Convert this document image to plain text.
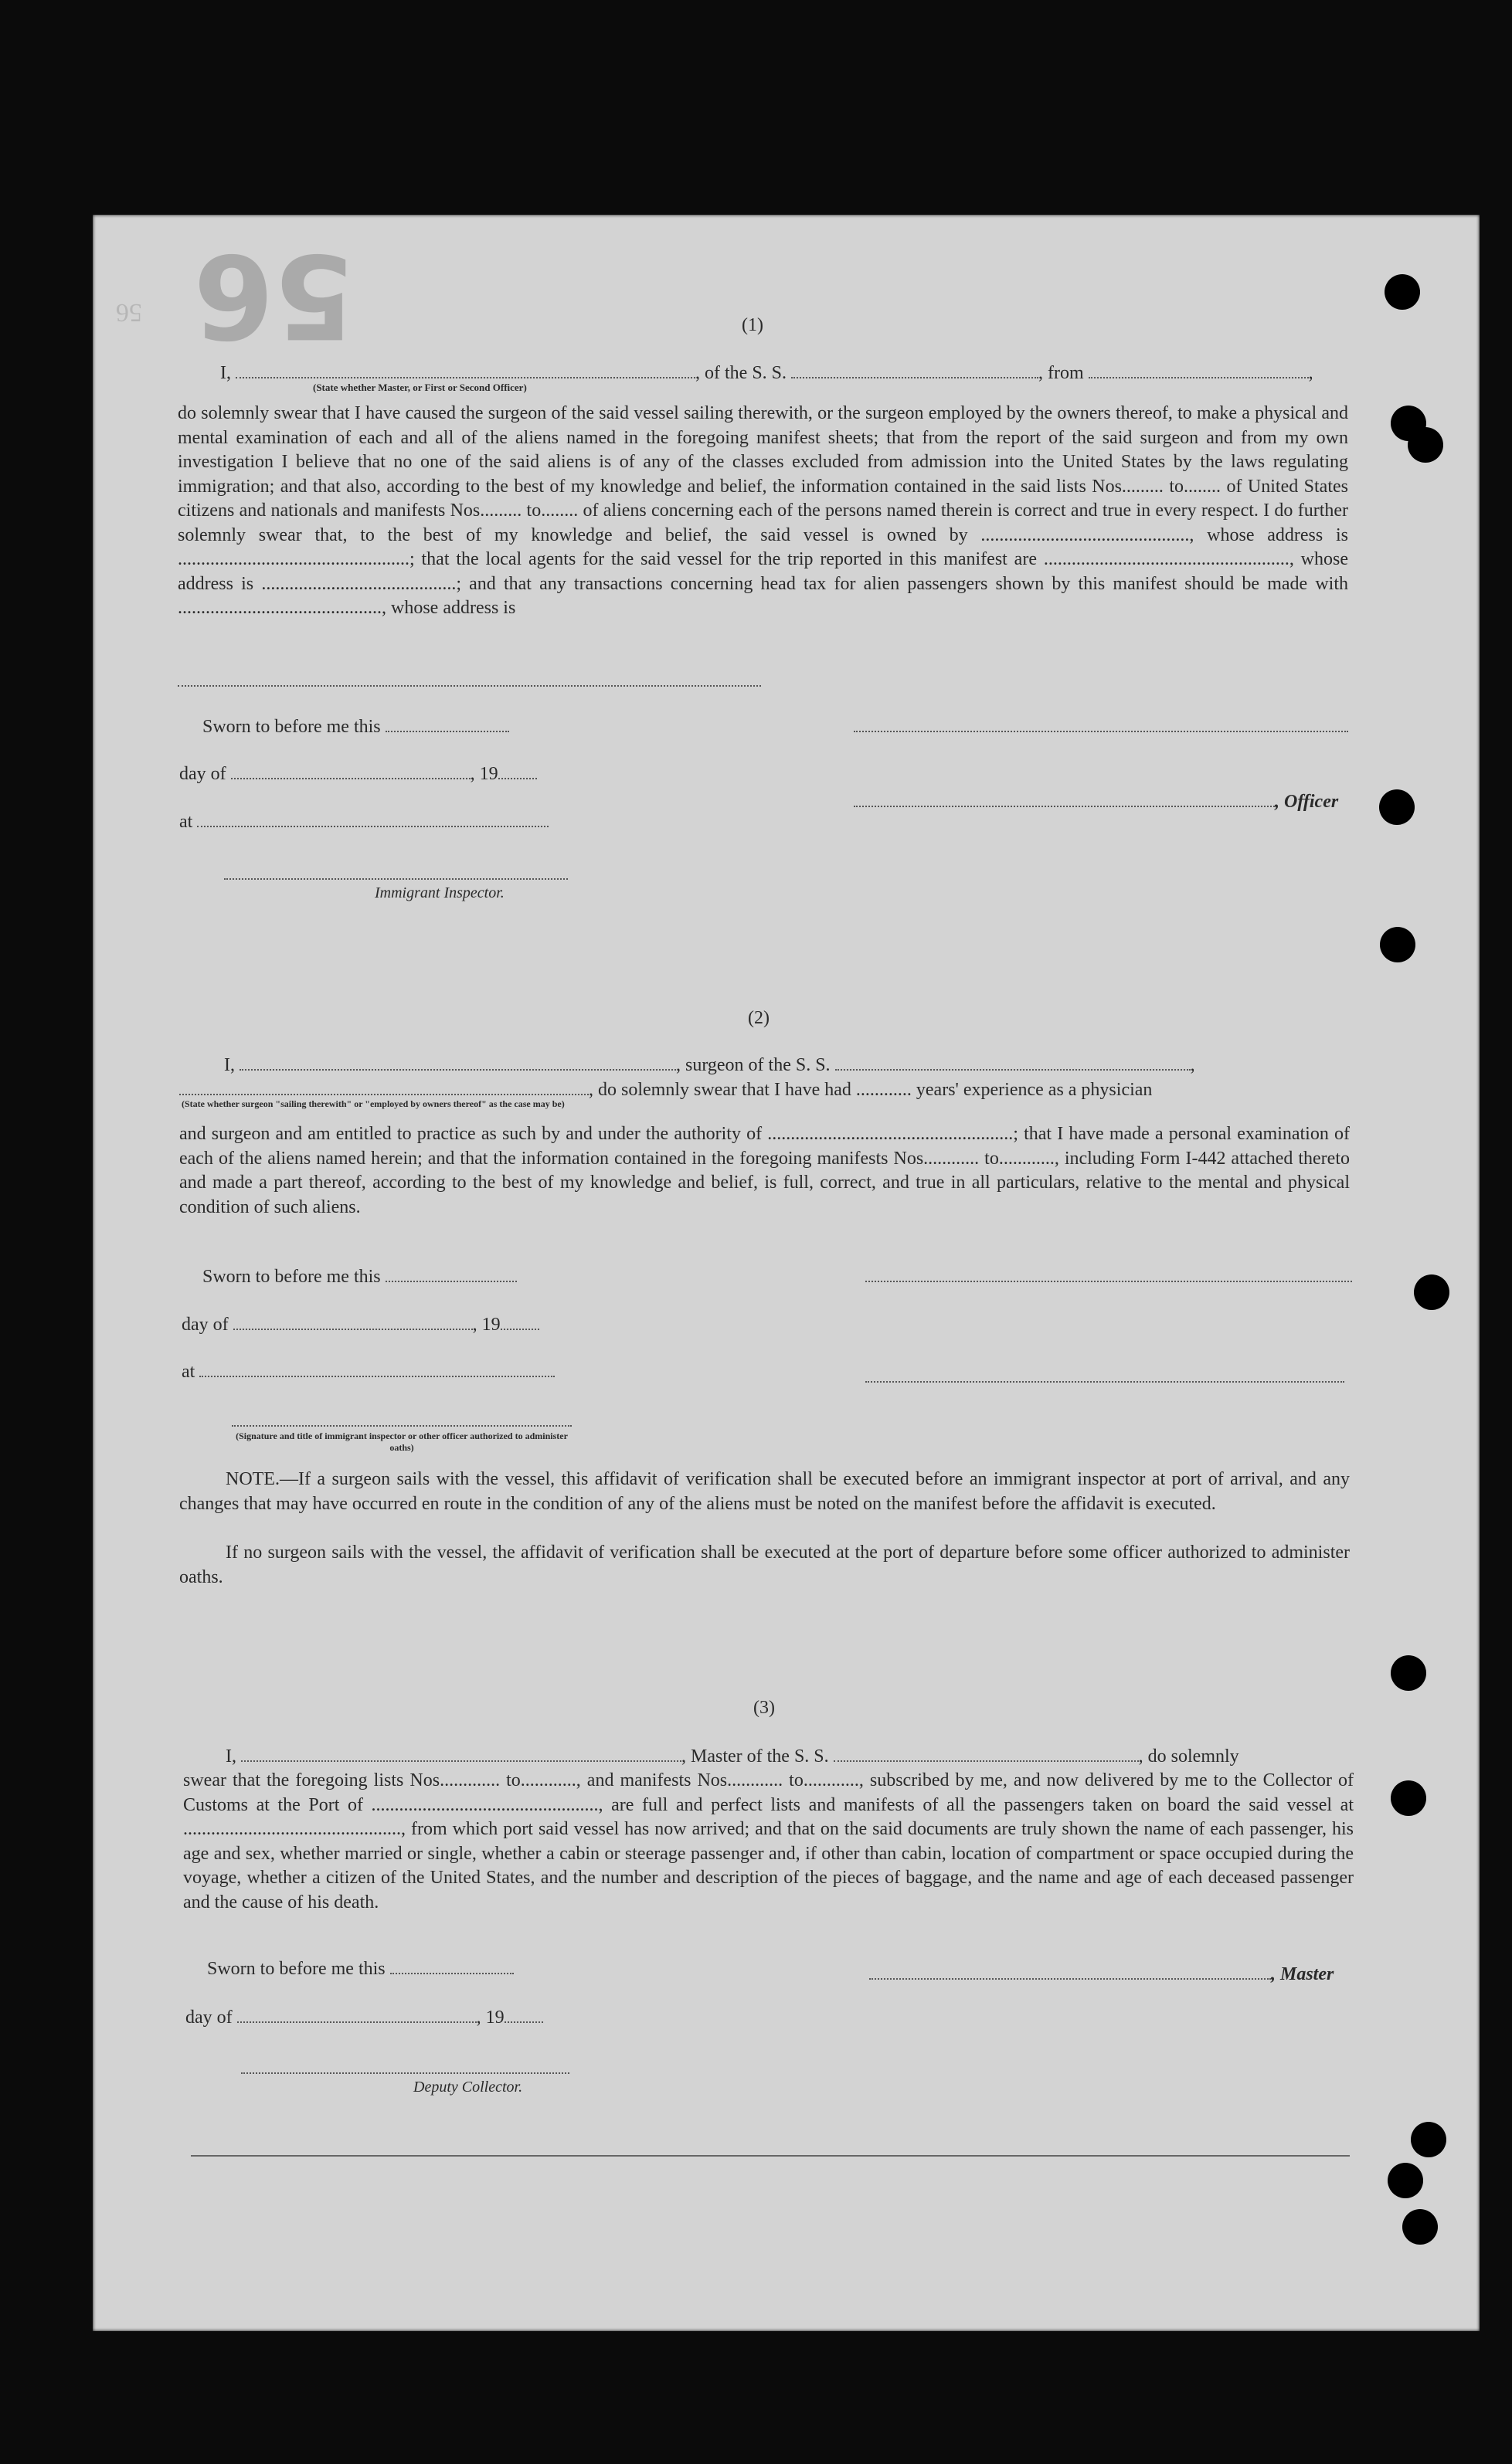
56
56	(1)
I,	, of the S. S.	, from	,
(State whether Master, or First or Second Officer)
do solemnly swear that I have caused the surgeon of the said vessel sailing therewith, or the surgeon employed by the owners thereof, to make a physical and mental examination of each and all of the aliens named in the foregoing manifest sheets; that from the report of the said surgeon and from my own investigation I believe that no one of the said aliens is of any of the classes excluded from admission into the United States by the laws regulating immigration; and that also, according to the best of my knowledge and belief, the information contained in the said lists Nos......... to........ of United States citizens and nationals and manifests Nos......... to........ of aliens concerning each of the persons named therein is correct and true in every respect. I do further solemnly swear that, to the best of my knowledge and belief, the said vessel is owned by ............................................., whose address is ..................................................; that the local agents for the said vessel for the trip reported in this manifest are ....................................................., whose address is ..........................................; and that any transactions concerning head tax for alien passengers shown by this manifest should be made with ............................................, whose address is
Sworn to before me this
day of	, 19
, Officer
at
Immigrant Inspector.
(2)
I,	, surgeon of the S. S.	,
, do solemnly swear that I have had ............ years' experience as a physician
(State whether surgeon "sailing therewith" or "employed by owners thereof" as the case may be)
and surgeon and am entitled to practice as such by and under the authority of .....................................................; that I have made a personal examination of each of the aliens named herein; and that the information contained in the foregoing manifests Nos............ to............, including Form I-442 attached thereto and made a part thereof, according to the best of my knowledge and belief, is full, correct, and true in all particulars, relative to the mental and physical condition of such aliens.
Sworn to before me this
day of	, 19
at
(Signature and title of immigrant inspector or other officer authorized to administer oaths)
NOTE.—If a surgeon sails with the vessel, this affidavit of verification shall be executed before an immigrant inspector at port of arrival, and any changes that may have occurred en route in the condition of any of the aliens must be noted on the manifest before the affidavit is executed.
If no surgeon sails with the vessel, the affidavit of verification shall be executed at the port of departure before some officer authorized to administer oaths.
(3)
I,	, Master of the S. S.	, do solemnly
swear that the foregoing lists Nos............. to............, and manifests Nos............ to............, subscribed by me, and now delivered by me to the Collector of Customs at the Port of ................................................., are full and perfect lists and manifests of all the passengers taken on board the said vessel at ..............................................., from which port said vessel has now arrived; and that on the said documents are truly shown the name of each passenger, his age and sex, whether married or single, whether a cabin or steerage passenger and, if other than cabin, location of compartment or space occupied during the voyage, whether a citizen of the United States, and the number and description of the pieces of baggage, and the name and age of each deceased passenger and the cause of his death.
Sworn to before me this	, Master
day of	, 19
Deputy Collector.
